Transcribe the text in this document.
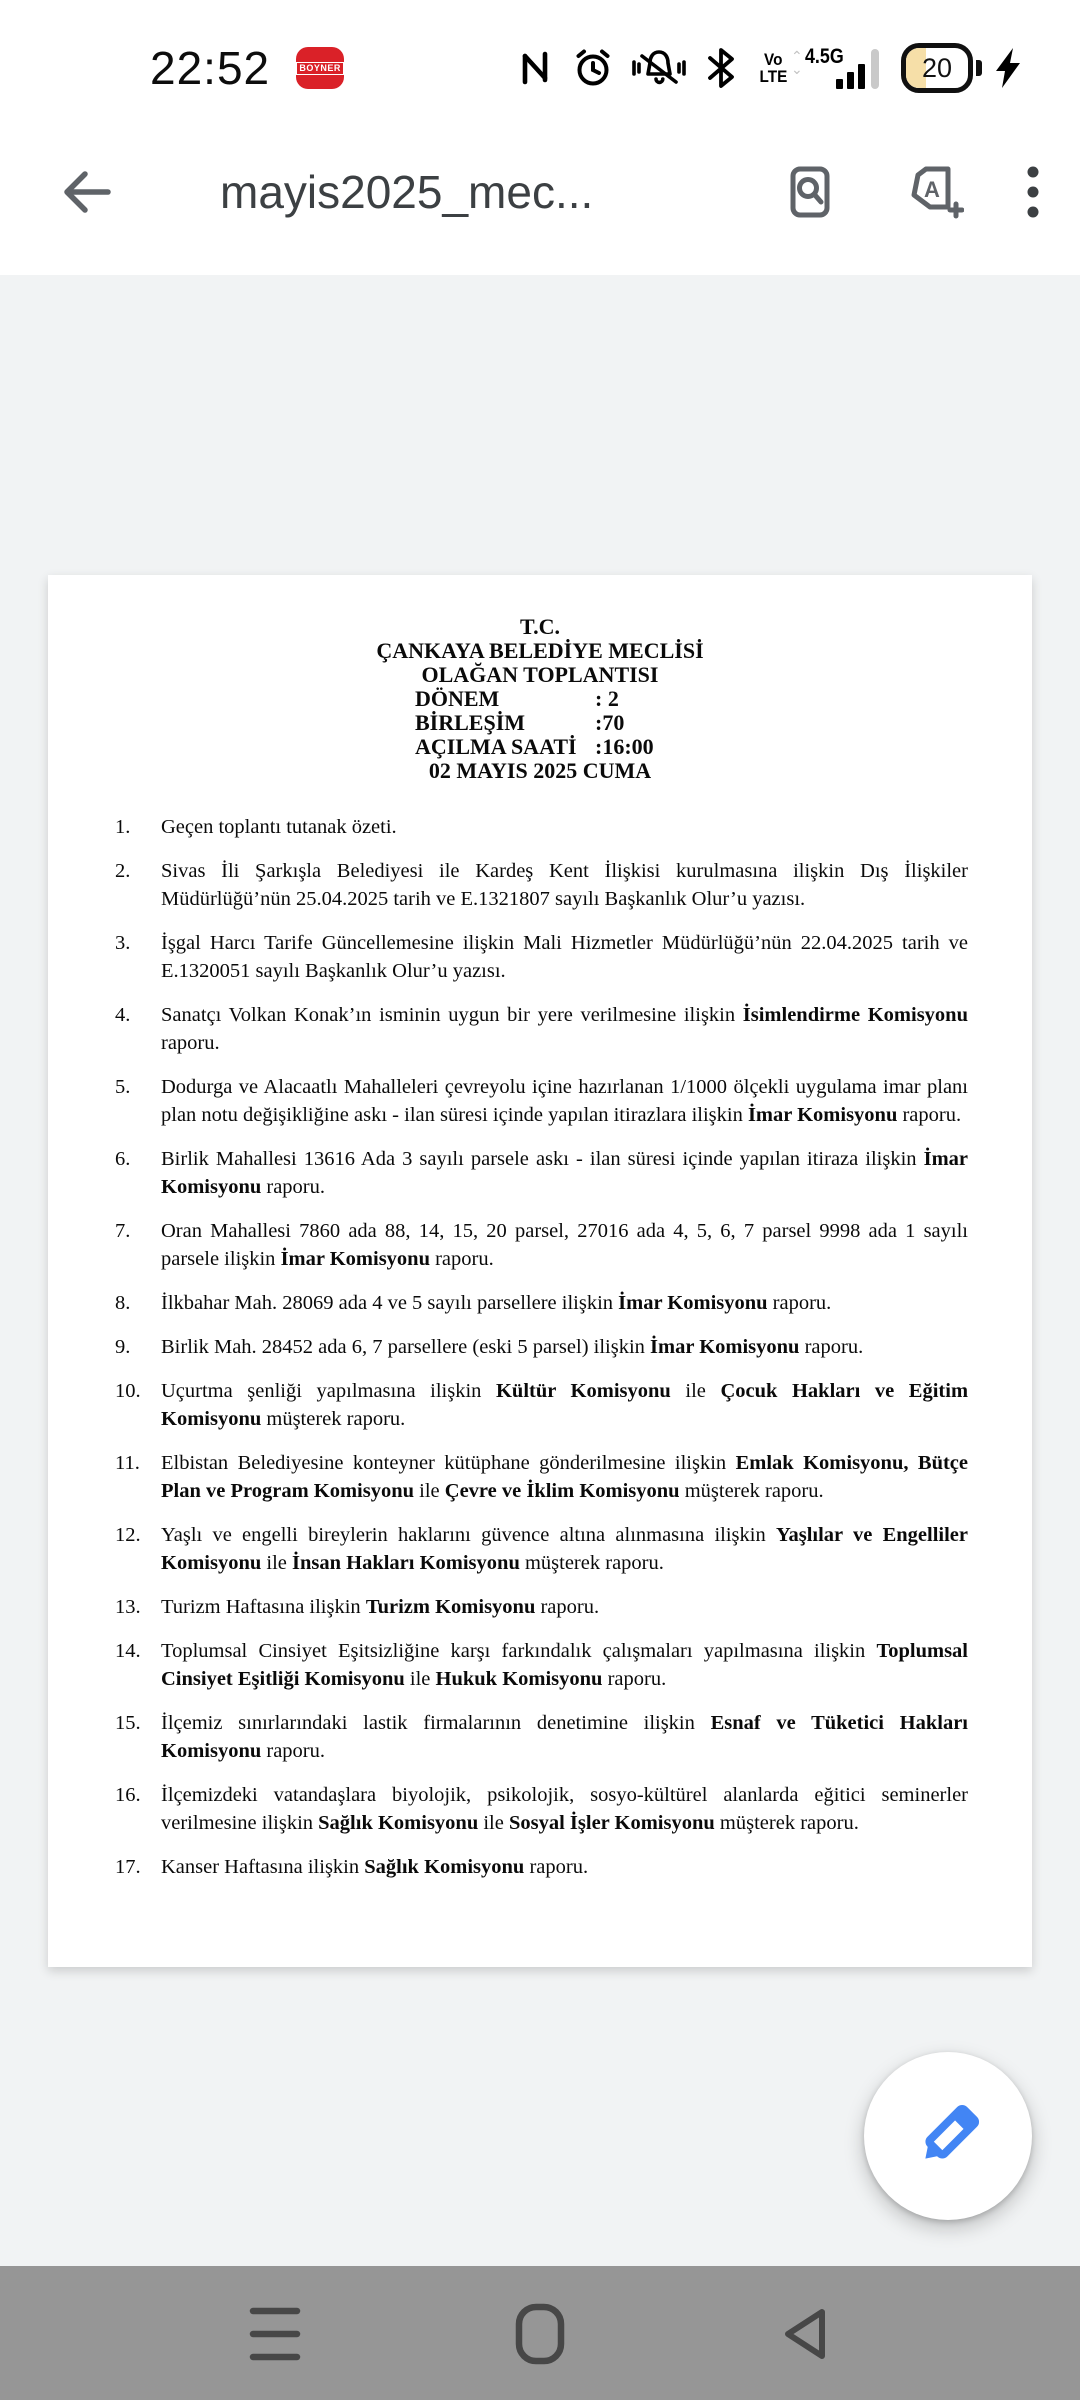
22:52	BOYNER	Vo
LTE
⌃
⌄
4.5G	20
mayis2025_mec...	A
T.C.
ÇANKAYA BELEDİYE MECLİSİ
OLAĞAN TOPLANTISI
DÖNEM	: 2
BİRLEŞİM	:70
AÇILMA SAATİ :16:00
02 MAYIS 2025 CUMA
1. Geçen toplantı tutanak özeti.
2. Sivas İli Şarkışla Belediyesi ile Kardeş Kent İlişkisi kurulmasına ilişkin Dış İlişkiler Müdürlüğü’nün 25.04.2025 tarih ve E.1321807 sayılı Başkanlık Olur’u yazısı.
3. İşgal Harcı Tarife Güncellemesine ilişkin Mali Hizmetler Müdürlüğü’nün 22.04.2025 tarih ve E.1320051 sayılı Başkanlık Olur’u yazısı.
4. Sanatçı Volkan Konak’ın isminin uygun bir yere verilmesine ilişkin İsimlendirme Komisyonu raporu.
5. Dodurga ve Alacaatlı Mahalleleri çevreyolu içine hazırlanan 1/1000 ölçekli uygulama imar planı plan notu değişikliğine askı - ilan süresi içinde yapılan itirazlara ilişkin İmar Komisyonu raporu.
6. Birlik Mahallesi 13616 Ada 3 sayılı parsele askı - ilan süresi içinde yapılan itiraza ilişkin İmar Komisyonu raporu.
7. Oran Mahallesi 7860 ada 88, 14, 15, 20 parsel, 27016 ada 4, 5, 6, 7 parsel 9998 ada 1 sayılı parsele ilişkin İmar Komisyonu raporu.
8. İlkbahar Mah. 28069 ada 4 ve 5 sayılı parsellere ilişkin İmar Komisyonu raporu.
9. Birlik Mah. 28452 ada 6, 7 parsellere (eski 5 parsel) ilişkin İmar Komisyonu raporu.
10. Uçurtma şenliği yapılmasına ilişkin Kültür Komisyonu ile Çocuk Hakları ve Eğitim Komisyonu müşterek raporu.
11. Elbistan Belediyesine konteyner kütüphane gönderilmesine ilişkin Emlak Komisyonu, Bütçe Plan ve Program Komisyonu ile Çevre ve İklim Komisyonu müşterek raporu.
12. Yaşlı ve engelli bireylerin haklarını güvence altına alınmasına ilişkin Yaşlılar ve Engelliler Komisyonu ile İnsan Hakları Komisyonu müşterek raporu.
13. Turizm Haftasına ilişkin Turizm Komisyonu raporu.
14. Toplumsal Cinsiyet Eşitsizliğine karşı farkındalık çalışmaları yapılmasına ilişkin Toplumsal Cinsiyet Eşitliği Komisyonu ile Hukuk Komisyonu raporu.
15. İlçemiz sınırlarındaki lastik firmalarının denetimine ilişkin Esnaf ve Tüketici Hakları Komisyonu raporu.
16. İlçemizdeki vatandaşlara biyolojik, psikolojik, sosyo-kültürel alanlarda eğitici seminerler verilmesine ilişkin Sağlık Komisyonu ile Sosyal İşler Komisyonu müşterek raporu.
17. Kanser Haftasına ilişkin Sağlık Komisyonu raporu.
